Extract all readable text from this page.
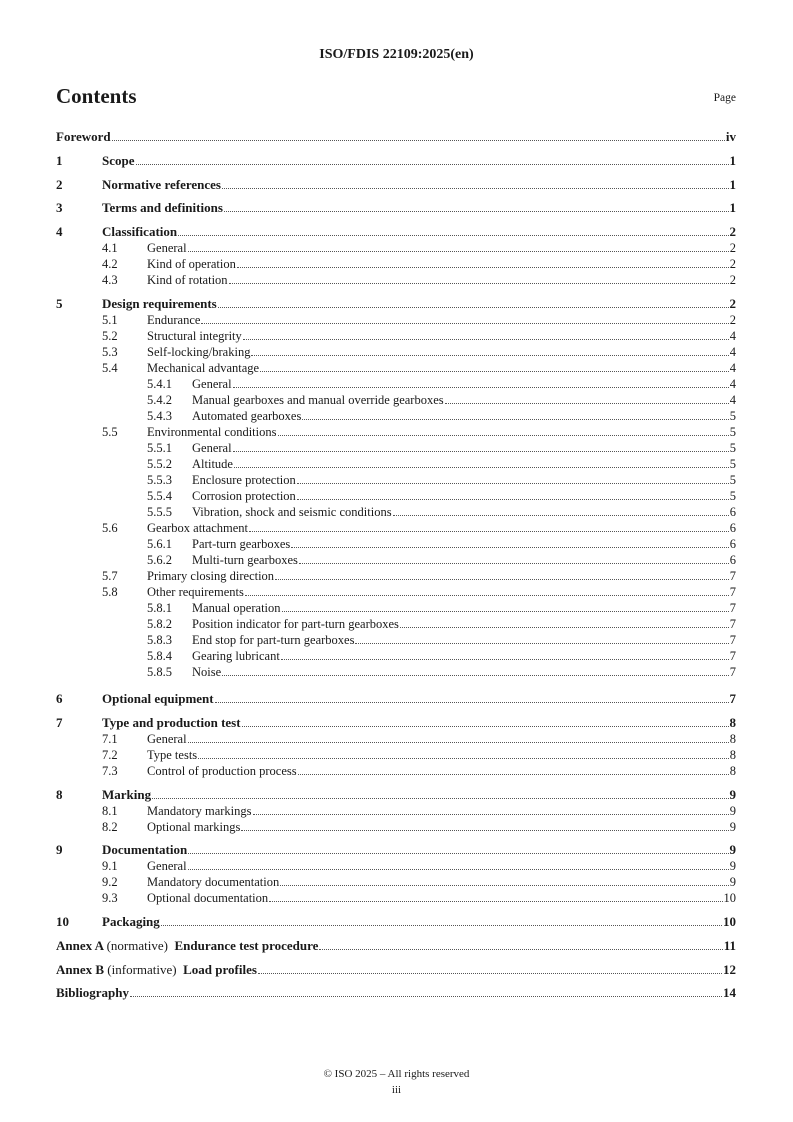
ISO/FDIS 22109:2025(en)
Contents	Page
Foreword	iv
1	Scope	1
2	Normative references	1
3	Terms and definitions	1
4	Classification	2
4.1	General	2
4.2	Kind of operation	2
4.3	Kind of rotation	2
5	Design requirements	2
5.1	Endurance	2
5.2	Structural integrity	4
5.3	Self-locking/braking	4
5.4	Mechanical advantage	4
5.4.1	General	4
5.4.2	Manual gearboxes and manual override gearboxes	4
5.4.3	Automated gearboxes	5
5.5	Environmental conditions	5
5.5.1	General	5
5.5.2	Altitude	5
5.5.3	Enclosure protection	5
5.5.4	Corrosion protection	5
5.5.5	Vibration, shock and seismic conditions	6
5.6	Gearbox attachment	6
5.6.1	Part-turn gearboxes	6
5.6.2	Multi-turn gearboxes	6
5.7	Primary closing direction	7
5.8	Other requirements	7
5.8.1	Manual operation	7
5.8.2	Position indicator for part-turn gearboxes	7
5.8.3	End stop for part-turn gearboxes	7
5.8.4	Gearing lubricant	7
5.8.5	Noise	7
6	Optional equipment	7
7	Type and production test	8
7.1	General	8
7.2	Type tests	8
7.3	Control of production process	8
8	Marking	9
8.1	Mandatory markings	9
8.2	Optional markings	9
9	Documentation	9
9.1	General	9
9.2	Mandatory documentation	9
9.3	Optional documentation	10
10	Packaging	10
Annex A (normative) Endurance test procedure	11
Annex B (informative) Load profiles	12
Bibliography	14
© ISO 2025 – All rights reserved
iii
